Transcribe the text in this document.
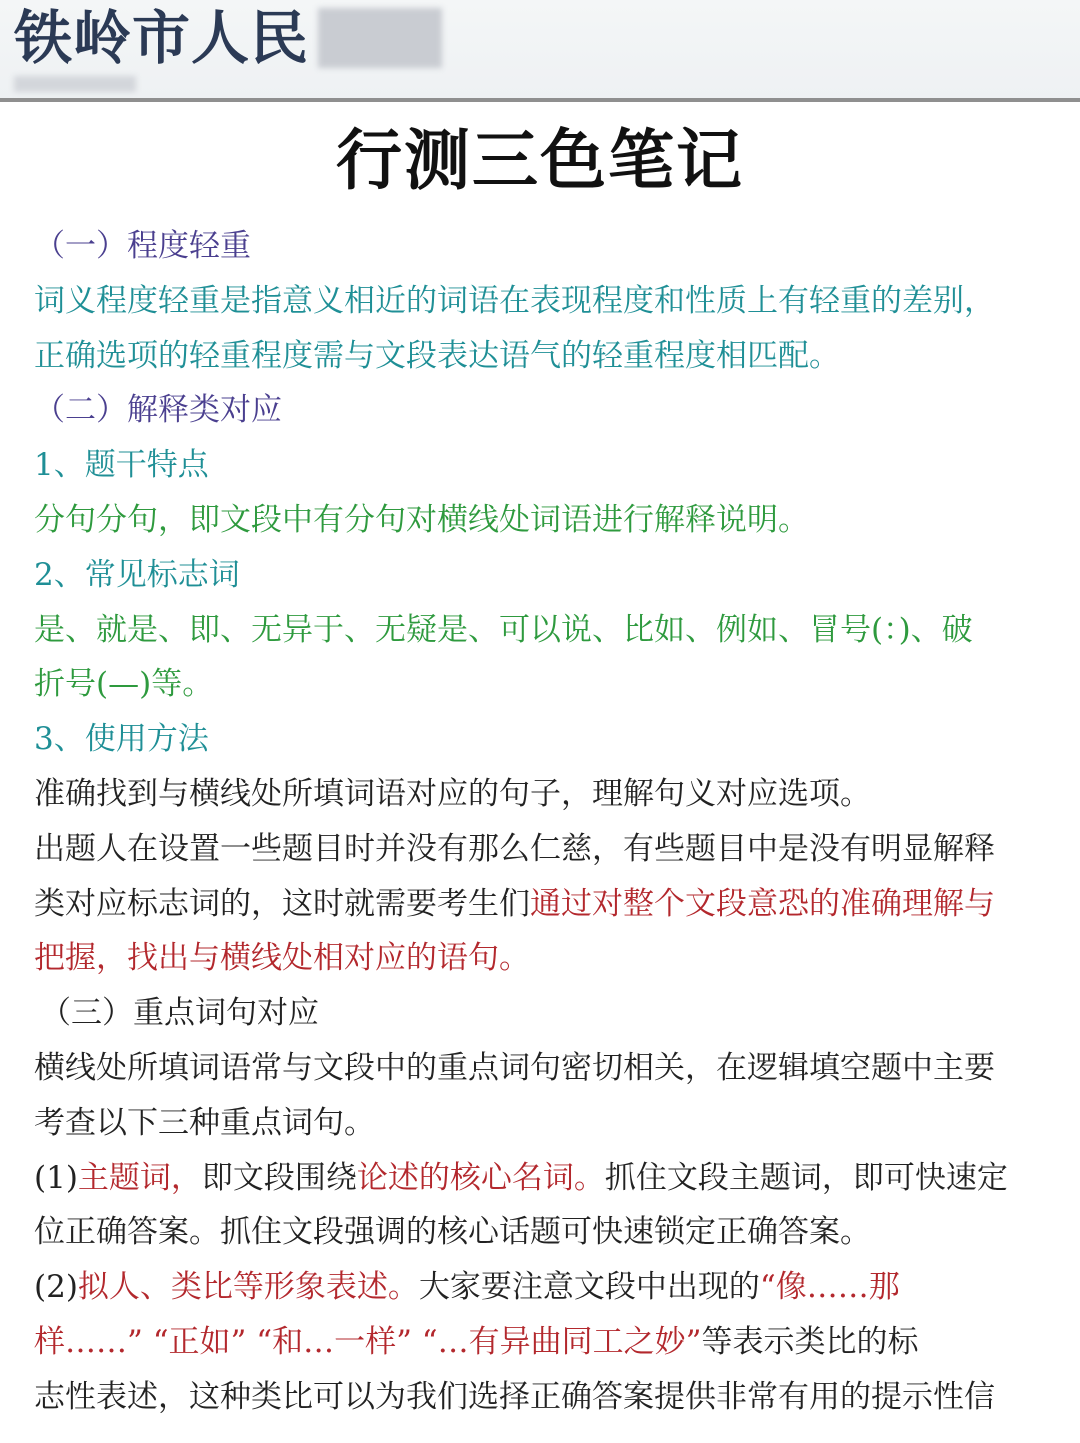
铁岭市人民
行测三色笔记
（一）程度轻重
词义程度轻重是指意义相近的词语在表现程度和性质上有轻重的差别，
正确选项的轻重程度需与文段表达语气的轻重程度相匹配。
（二）解释类对应
1、题干特点
分句分句，即文段中有分句对横线处词语进行解释说明。
2、常见标志词
是、就是、即、无异于、无疑是、可以说、比如、例如、冒号(：)、破
折号(—)等。
3、使用方法
准确找到与横线处所填词语对应的句子，理解句义对应选项。
出题人在设置一些题目时并没有那么仁慈，有些题目中是没有明显解释
类对应标志词的，这时就需要考生们通过对整个文段意恐的准确理解与
把握，找出与横线处相对应的语句。
（三）重点词句对应
横线处所填词语常与文段中的重点词句密切相关，在逻辑填空题中主要
考查以下三种重点词句。
(1)主题词，即文段围绕论述的核心名词。抓住文段主题词，即可快速定
位正确答案。抓住文段强调的核心话题可快速锁定正确答案。
(2)拟人、类比等形象表述。大家要注意文段中出现的“像……那
样……” “正如” “和…一样” “…有异曲同工之妙”等表示类比的标
志性表述，这种类比可以为我们选择正确答案提供非常有用的提示性信
